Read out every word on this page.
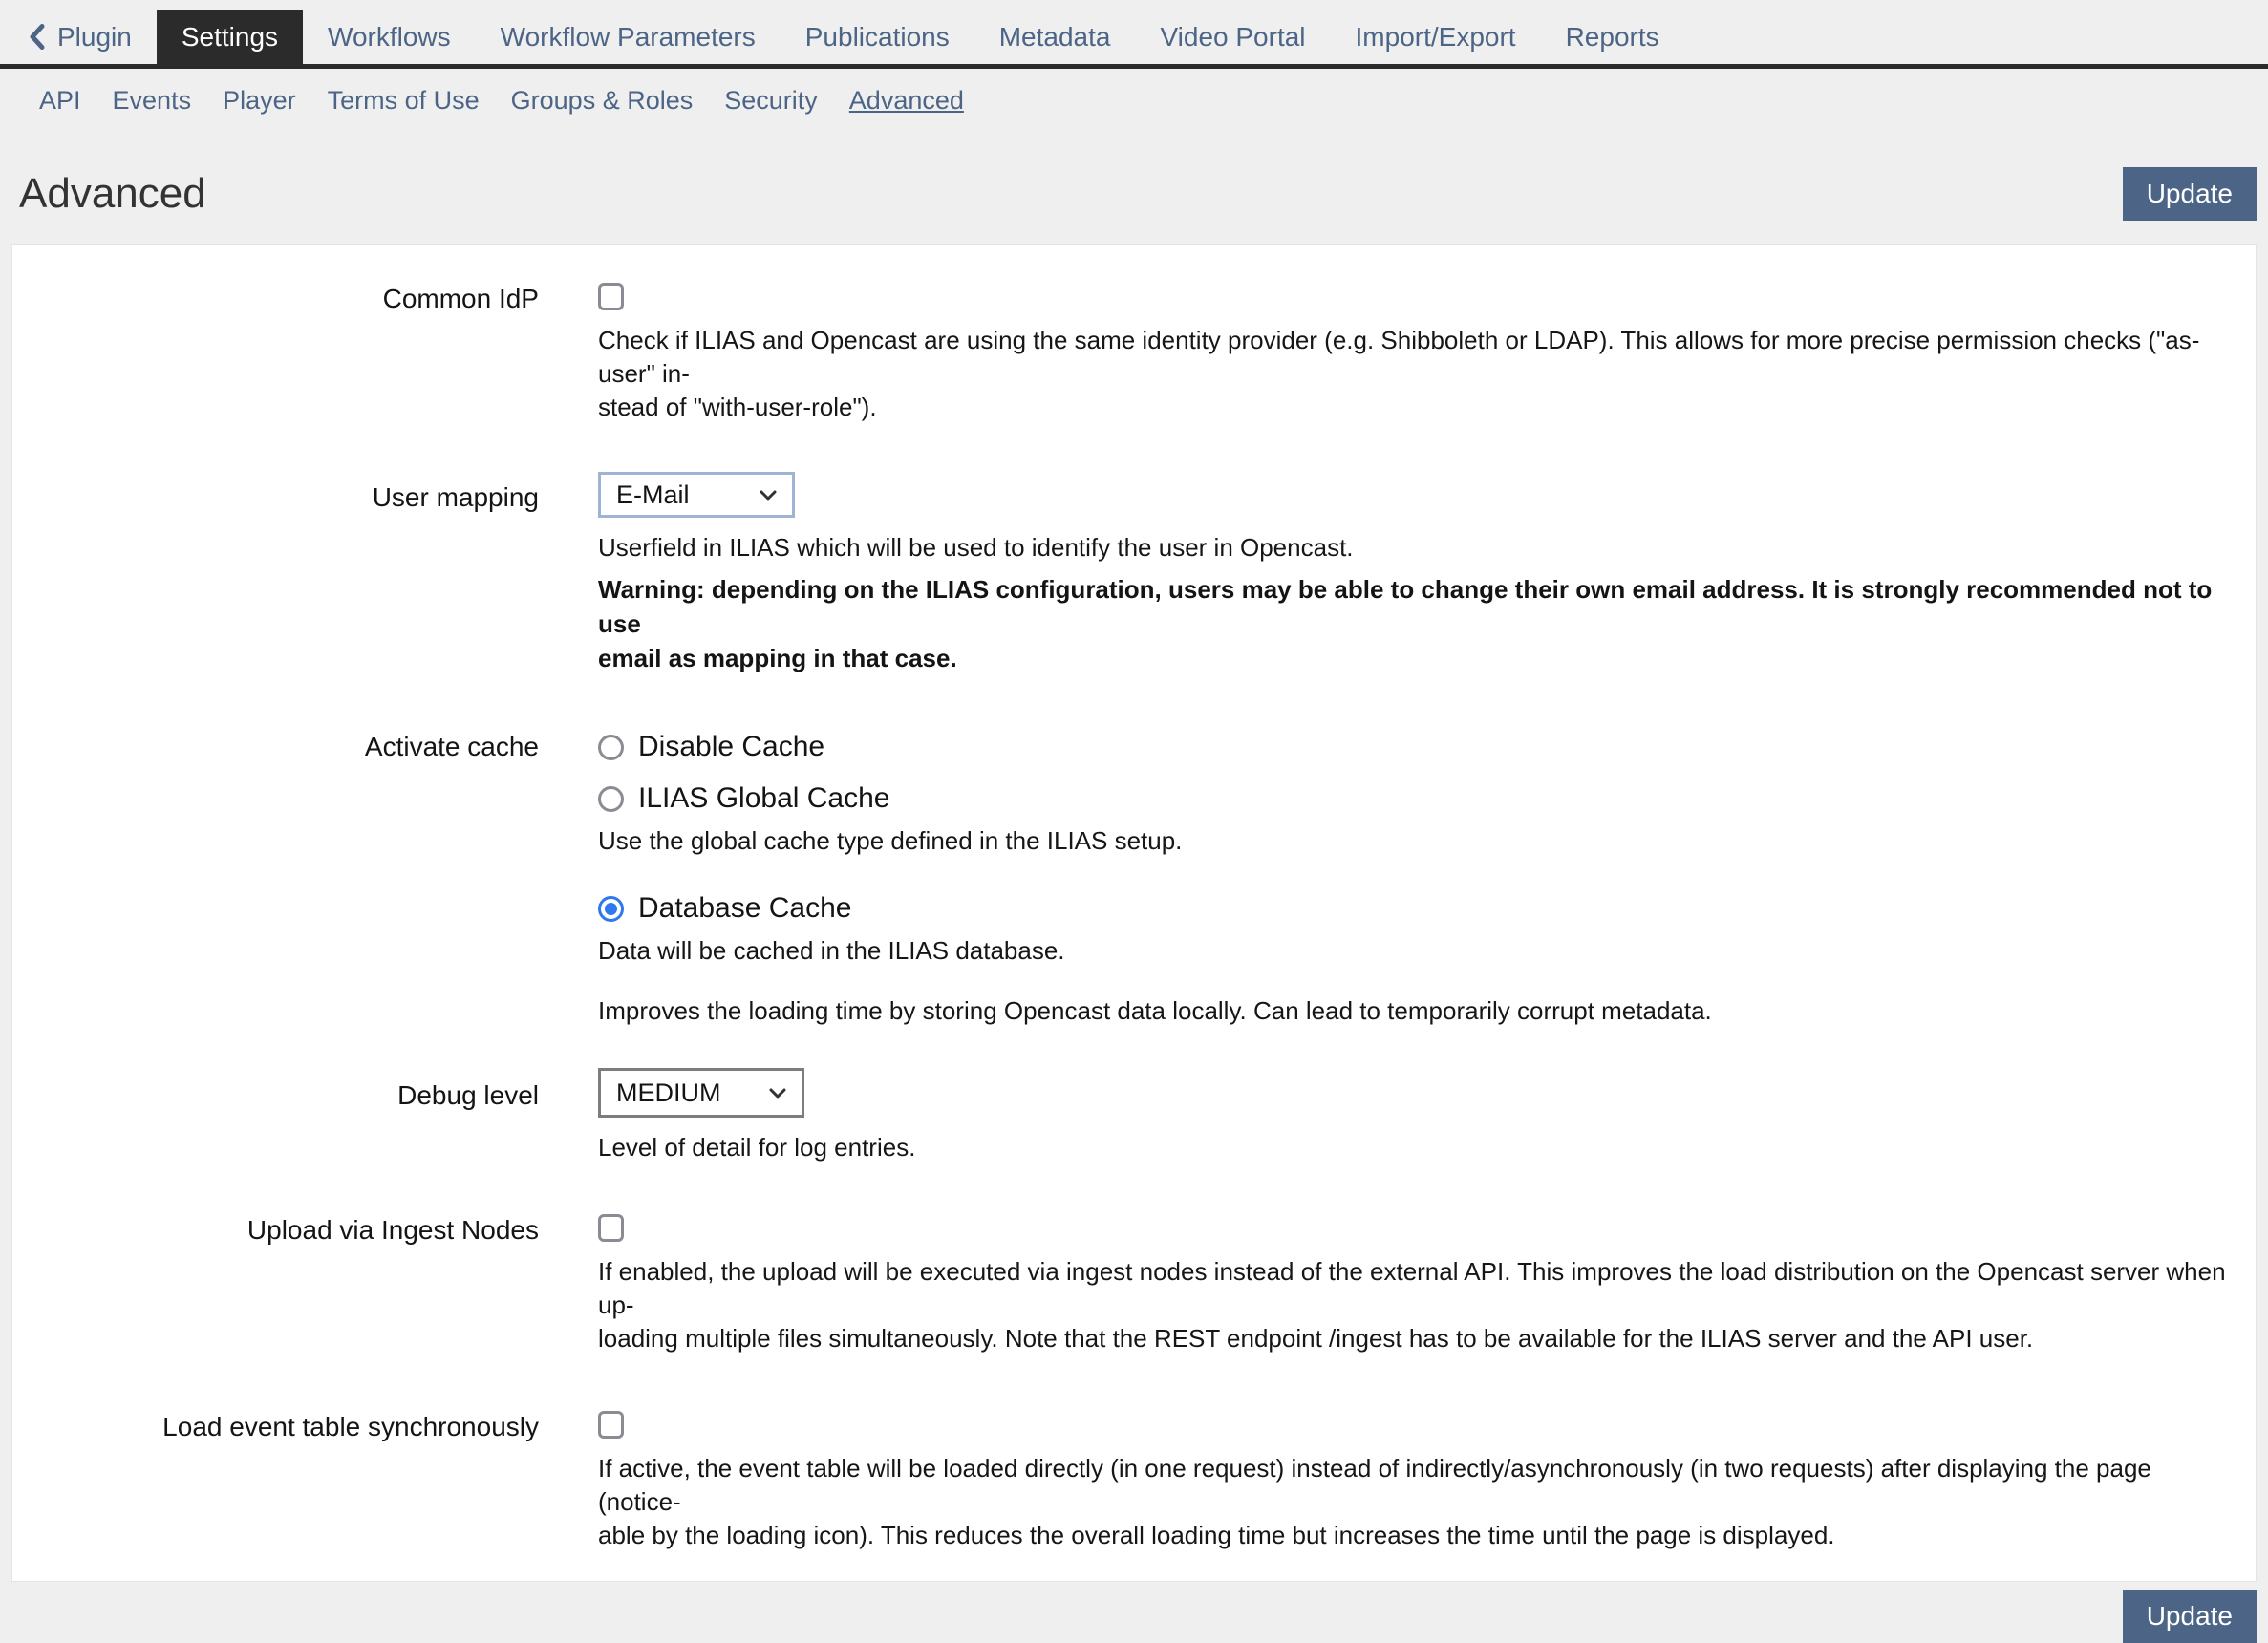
Plugin	Settings	Workflows	Workflow Parameters	Publications	Metadata	Video Portal	Import/Export	Reports
API Events Player Terms of Use Groups & Roles Security Advanced
Advanced	Update
Common IdP
Check if ILIAS and Opencast are using the same identity provider (e.g. Shibboleth or LDAP). This allows for more precise permission checks ("as-user" in-
stead of "with-user-role").
User mapping	E-Mail
Userfield in ILIAS which will be used to identify the user in Opencast.
Warning: depending on the ILIAS configuration, users may be able to change their own email address. It is strongly recommended not to use
email as mapping in that case.
Activate cache	Disable Cache
ILIAS Global Cache
Use the global cache type defined in the ILIAS setup.
Database Cache
Data will be cached in the ILIAS database.
Improves the loading time by storing Opencast data locally. Can lead to temporarily corrupt metadata.
Debug level	MEDIUM
Level of detail for log entries.
Upload via Ingest Nodes
If enabled, the upload will be executed via ingest nodes instead of the external API. This improves the load distribution on the Opencast server when up-
loading multiple files simultaneously. Note that the REST endpoint /ingest has to be available for the ILIAS server and the API user.
Load event table synchronously
If active, the event table will be loaded directly (in one request) instead of indirectly/asynchronously (in two requests) after displaying the page (notice-
able by the loading icon). This reduces the overall loading time but increases the time until the page is displayed.
Update
